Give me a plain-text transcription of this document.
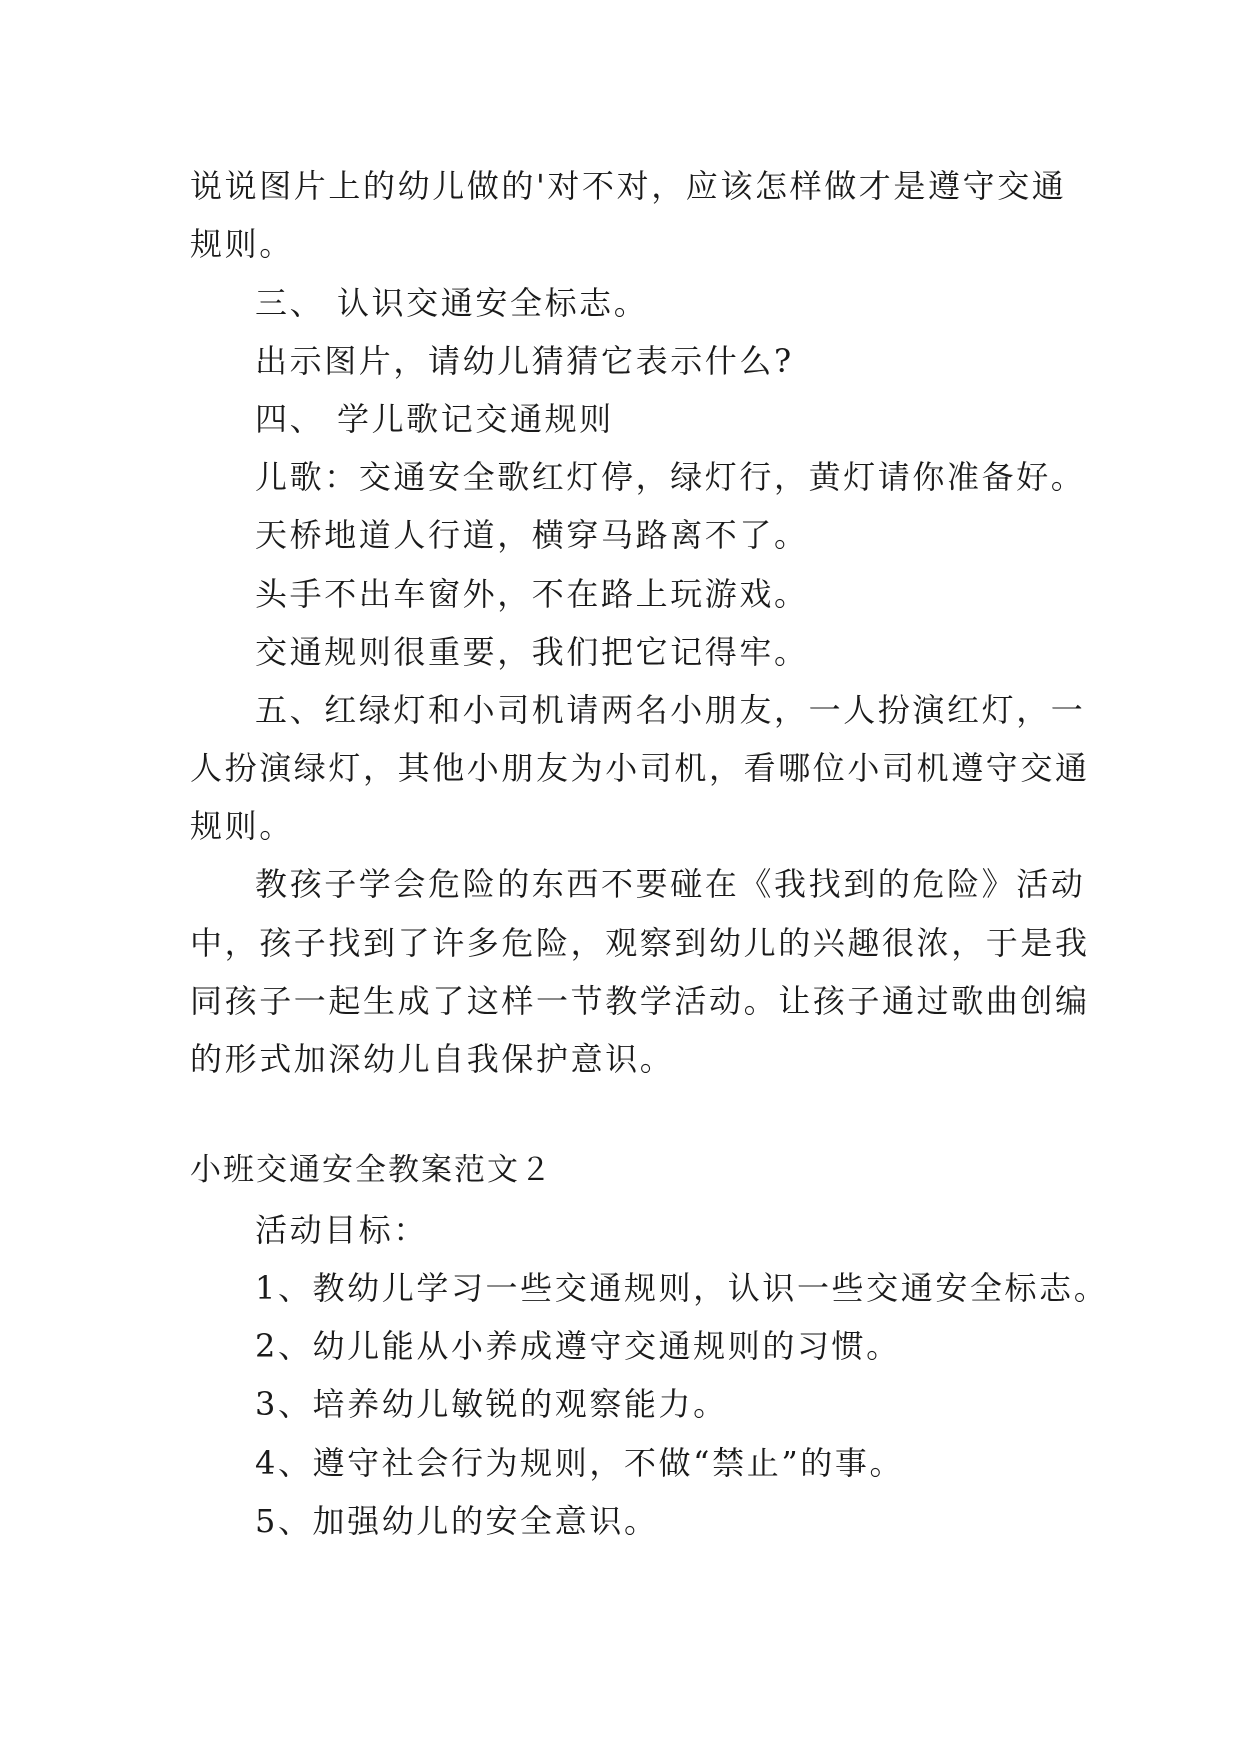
说说图片上的幼儿做的'对不对，应该怎样做才是遵守交通

规则。

三、 认识交通安全标志。

出示图片，请幼儿猜猜它表示什么?

四、 学儿歌记交通规则

儿歌：交通安全歌红灯停，绿灯行，黄灯请你准备好。

天桥地道人行道，横穿马路离不了。

头手不出车窗外，不在路上玩游戏。

交通规则很重要，我们把它记得牢。

五、红绿灯和小司机请两名小朋友，一人扮演红灯，一

人扮演绿灯，其他小朋友为小司机，看哪位小司机遵守交通

规则。

教孩子学会危险的东西不要碰在《我找到的危险》活动

中，孩子找到了许多危险，观察到幼儿的兴趣很浓，于是我

同孩子一起生成了这样一节教学活动。让孩子通过歌曲创编

的形式加深幼儿自我保护意识。

小班交通安全教案范文２

活动目标：

1、教幼儿学习一些交通规则，认识一些交通安全标志。

2、幼儿能从小养成遵守交通规则的习惯。

3、培养幼儿敏锐的观察能力。

4、遵守社会行为规则，不做“禁止”的事。

5、加强幼儿的安全意识。
